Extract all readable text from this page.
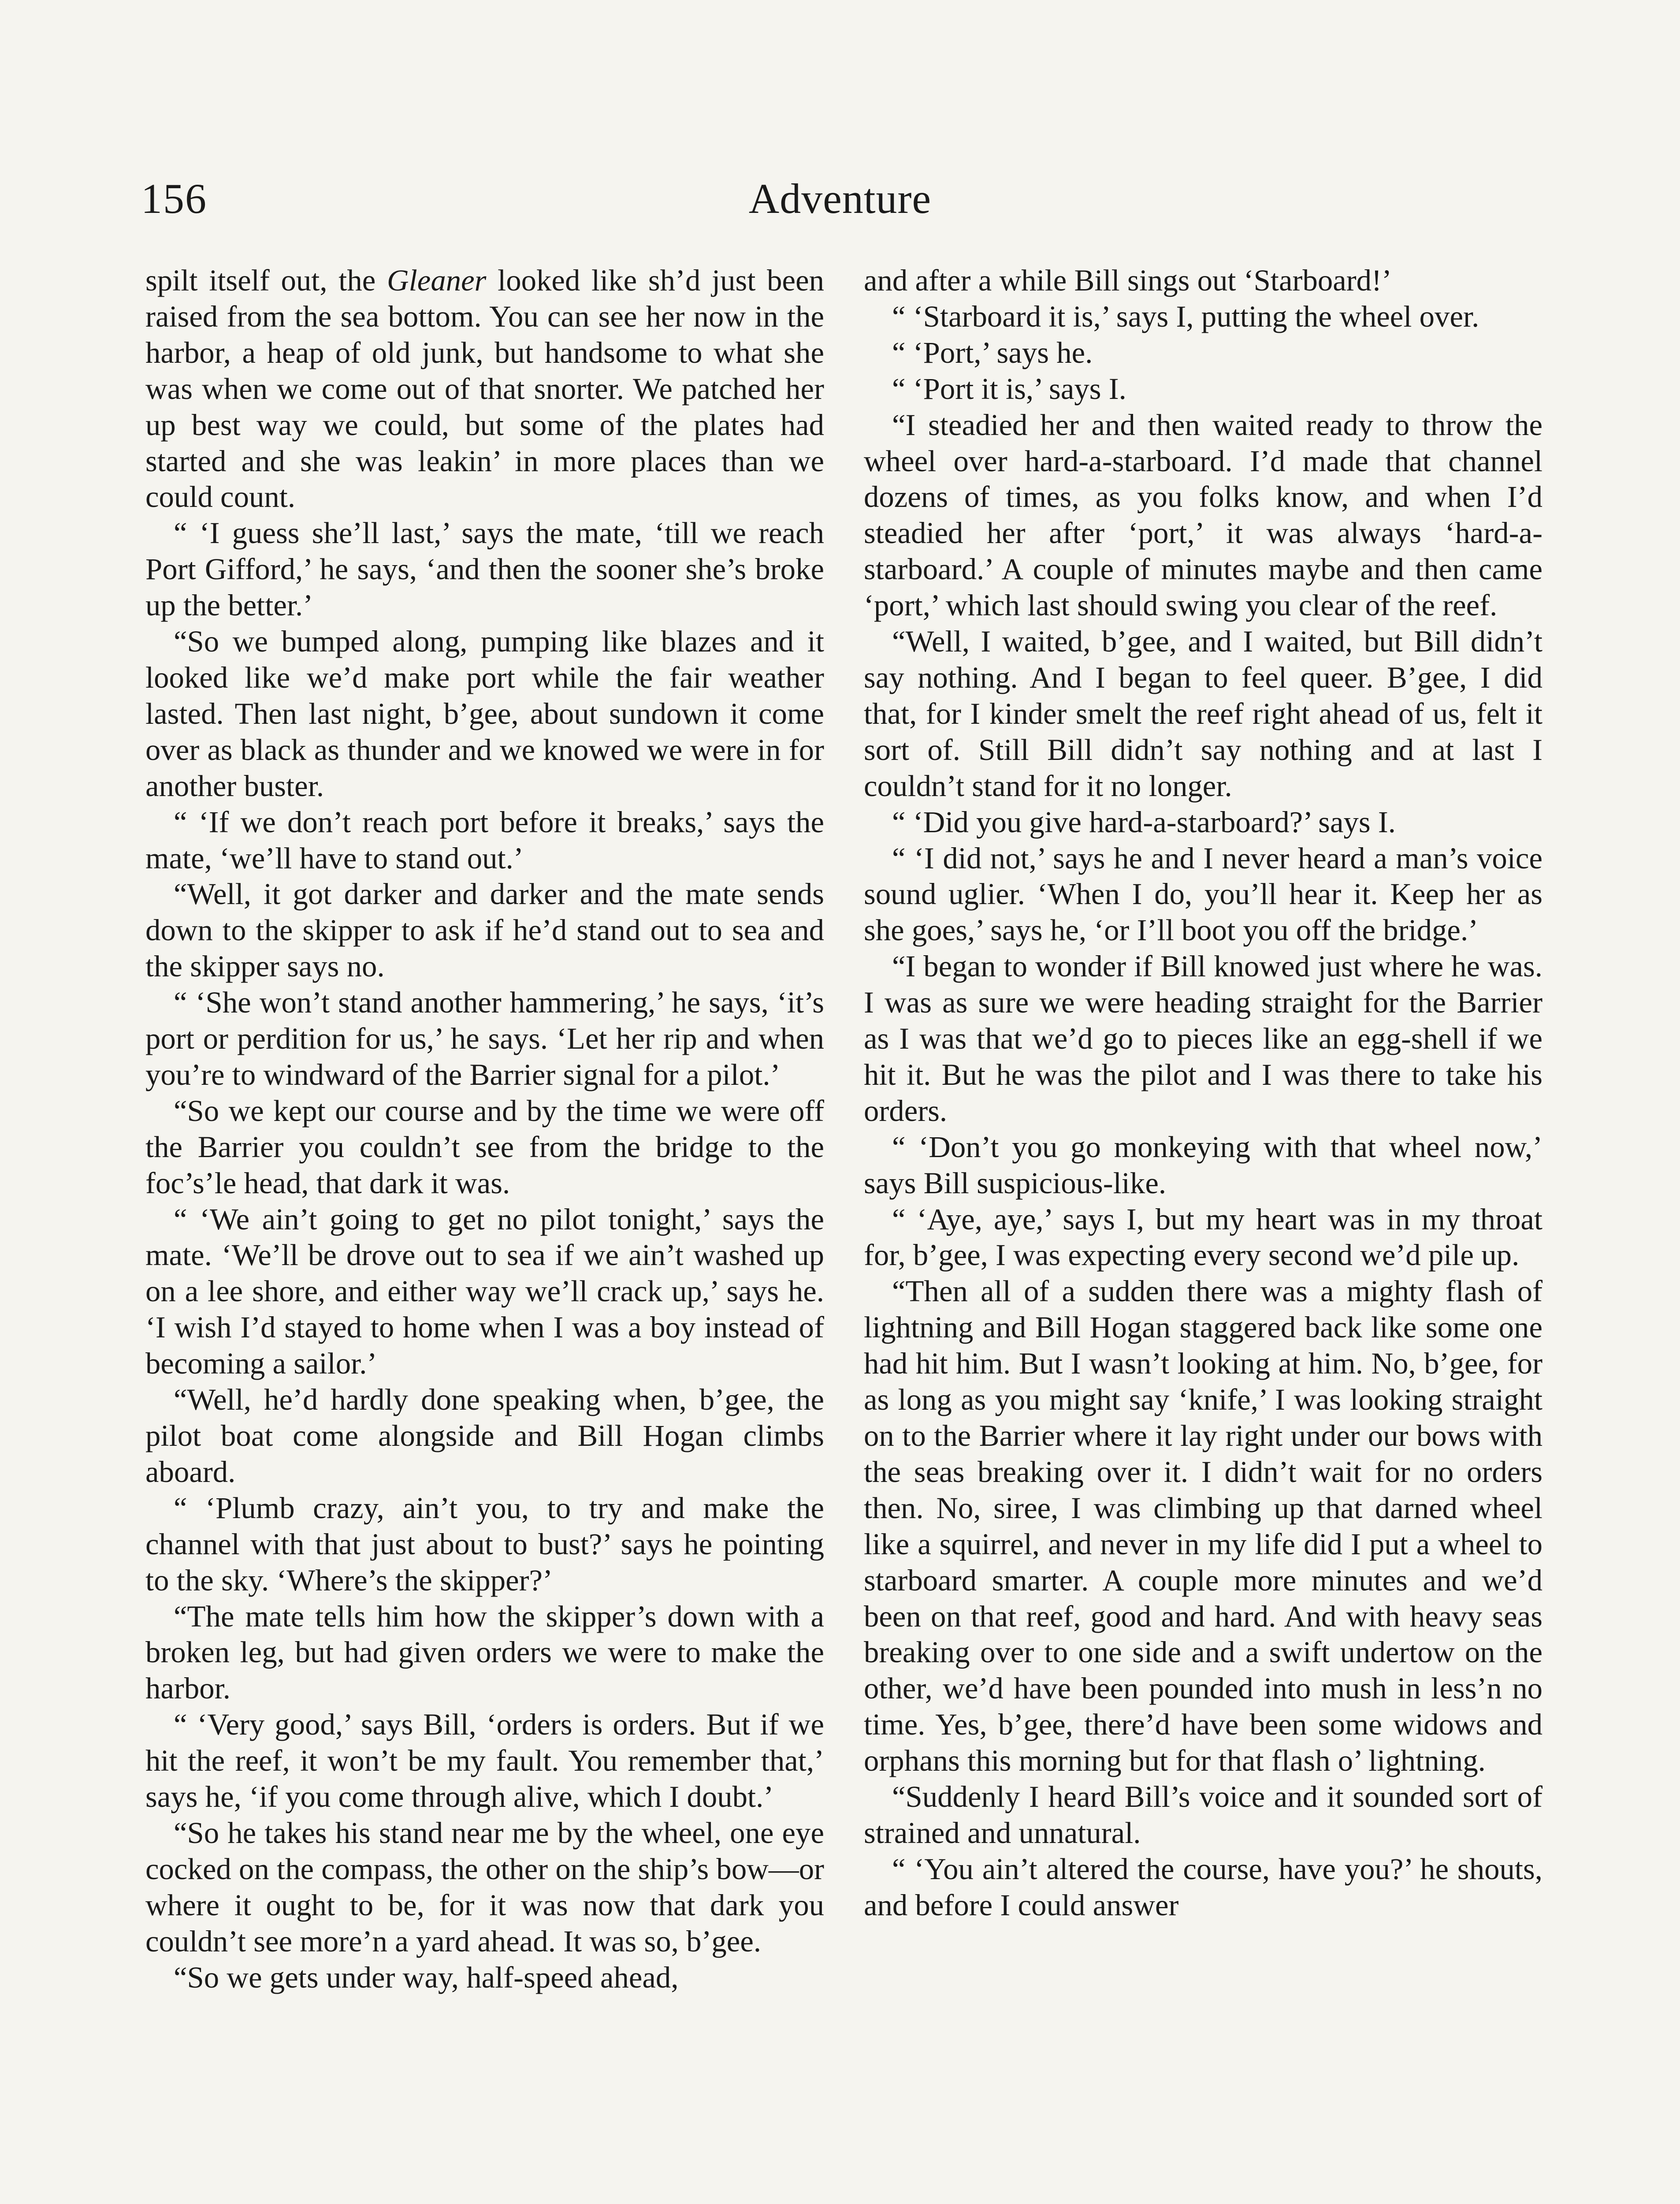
156	Adventure

spilt itself out, the Gleaner looked like sh’d just been raised from the sea bottom. You can see her now in the harbor, a heap of old junk, but handsome to what she was when we come out of that snorter. We patched her up best way we could, but some of the plates had started and she was leakin’ in more places than we could count.

“ ‘I guess she’ll last,’ says the mate, ‘till we reach Port Gifford,’ he says, ‘and then the sooner she’s broke up the better.’

“So we bumped along, pumping like blazes and it looked like we’d make port while the fair weather lasted. Then last night, b’gee, about sundown it come over as black as thunder and we knowed we were in for another buster.

“ ‘If we don’t reach port before it breaks,’ says the mate, ‘we’ll have to stand out.’

“Well, it got darker and darker and the mate sends down to the skipper to ask if he’d stand out to sea and the skipper says no.

“ ‘She won’t stand another hammering,’ he says, ‘it’s port or perdition for us,’ he says. ‘Let her rip and when you’re to windward of the Barrier signal for a pilot.’

“So we kept our course and by the time we were off the Barrier you couldn’t see from the bridge to the foc’s’le head, that dark it was.

“ ‘We ain’t going to get no pilot tonight,’ says the mate. ‘We’ll be drove out to sea if we ain’t washed up on a lee shore, and either way we’ll crack up,’ says he. ‘I wish I’d stayed to home when I was a boy instead of becoming a sailor.’

“Well, he’d hardly done speaking when, b’gee, the pilot boat come alongside and Bill Hogan climbs aboard.

“ ‘Plumb crazy, ain’t you, to try and make the channel with that just about to bust?’ says he pointing to the sky. ‘Where’s the skipper?’

“The mate tells him how the skipper’s down with a broken leg, but had given orders we were to make the harbor.

“ ‘Very good,’ says Bill, ‘orders is orders. But if we hit the reef, it won’t be my fault. You remember that,’ says he, ‘if you come through alive, which I doubt.’

“So he takes his stand near me by the wheel, one eye cocked on the compass, the other on the ship’s bow—or where it ought to be, for it was now that dark you couldn’t see more’n a yard ahead. It was so, b’gee.

“So we gets under way, half-speed ahead,

and after a while Bill sings out ‘Starboard!’

“ ‘Starboard it is,’ says I, putting the wheel over.

“ ‘Port,’ says he.

“ ‘Port it is,’ says I.

“I steadied her and then waited ready to throw the wheel over hard-a-starboard. I’d made that channel dozens of times, as you folks know, and when I’d steadied her after ‘port,’ it was always ‘hard-a-starboard.’ A couple of minutes maybe and then came ‘port,’ which last should swing you clear of the reef.

“Well, I waited, b’gee, and I waited, but Bill didn’t say nothing. And I began to feel queer. B’gee, I did that, for I kinder smelt the reef right ahead of us, felt it sort of. Still Bill didn’t say nothing and at last I couldn’t stand for it no longer.

“ ‘Did you give hard-a-starboard?’ says I.

“ ‘I did not,’ says he and I never heard a man’s voice sound uglier. ‘When I do, you’ll hear it. Keep her as she goes,’ says he, ‘or I’ll boot you off the bridge.’

“I began to wonder if Bill knowed just where he was. I was as sure we were heading straight for the Barrier as I was that we’d go to pieces like an egg-shell if we hit it. But he was the pilot and I was there to take his orders.

“ ‘Don’t you go monkeying with that wheel now,’ says Bill suspicious-like.

“ ‘Aye, aye,’ says I, but my heart was in my throat for, b’gee, I was expecting every second we’d pile up.

“Then all of a sudden there was a mighty flash of lightning and Bill Hogan staggered back like some one had hit him. But I wasn’t looking at him. No, b’gee, for as long as you might say ‘knife,’ I was looking straight on to the Barrier where it lay right under our bows with the seas breaking over it. I didn’t wait for no orders then. No, siree, I was climbing up that darned wheel like a squirrel, and never in my life did I put a wheel to starboard smarter. A couple more minutes and we’d been on that reef, good and hard. And with heavy seas breaking over to one side and a swift undertow on the other, we’d have been pounded into mush in less’n no time. Yes, b’gee, there’d have been some widows and orphans this morning but for that flash o’ lightning.

“Suddenly I heard Bill’s voice and it sounded sort of strained and unnatural.

“ ‘You ain’t altered the course, have you?’ he shouts, and before I could answer
